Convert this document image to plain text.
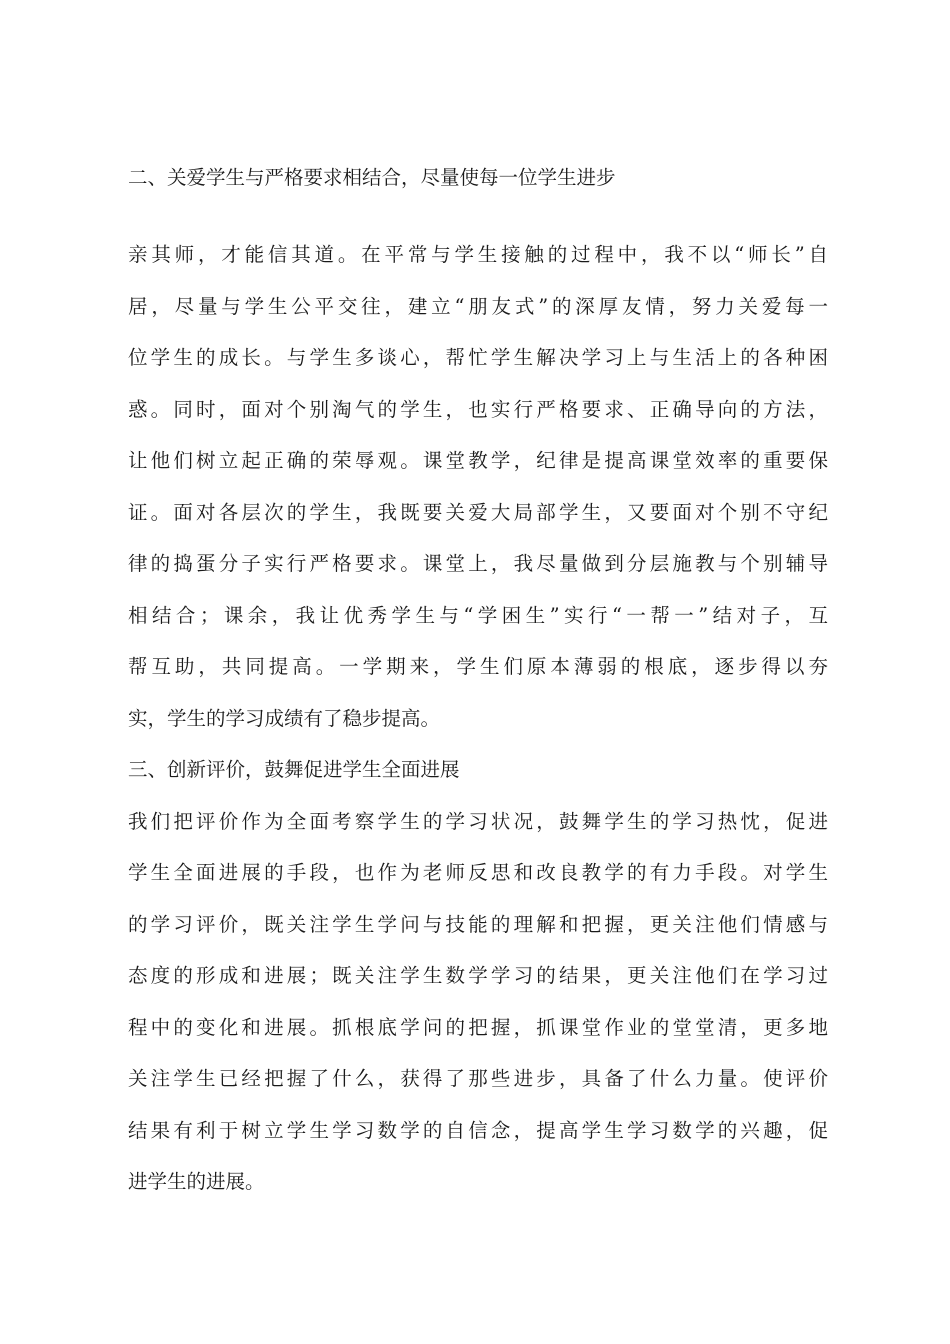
二、关爱学生与严格要求相结合，尽量使每一位学生进步
亲其师，才能信其道。在平常与学生接触的过程中，我不以“师长”自
居，尽量与学生公平交往，建立“朋友式”的深厚友情，努力关爱每一
位学生的成长。与学生多谈心，帮忙学生解决学习上与生活上的各种困
惑。同时，面对个别淘气的学生，也实行严格要求、正确导向的方法，
让他们树立起正确的荣辱观。课堂教学，纪律是提高课堂效率的重要保
证。面对各层次的学生，我既要关爱大局部学生，又要面对个别不守纪
律的捣蛋分子实行严格要求。课堂上，我尽量做到分层施教与个别辅导
相结合；课余，我让优秀学生与“学困生”实行“一帮一”结对子，互
帮互助，共同提高。一学期来，学生们原本薄弱的根底，逐步得以夯
实，学生的学习成绩有了稳步提高。
三、创新评价，鼓舞促进学生全面进展
我们把评价作为全面考察学生的学习状况，鼓舞学生的学习热忱，促进
学生全面进展的手段，也作为老师反思和改良教学的有力手段。对学生
的学习评价，既关注学生学问与技能的理解和把握，更关注他们情感与
态度的形成和进展；既关注学生数学学习的结果，更关注他们在学习过
程中的变化和进展。抓根底学问的把握，抓课堂作业的堂堂清，更多地
关注学生已经把握了什么，获得了那些进步，具备了什么力量。使评价
结果有利于树立学生学习数学的自信念，提高学生学习数学的兴趣，促
进学生的进展。
